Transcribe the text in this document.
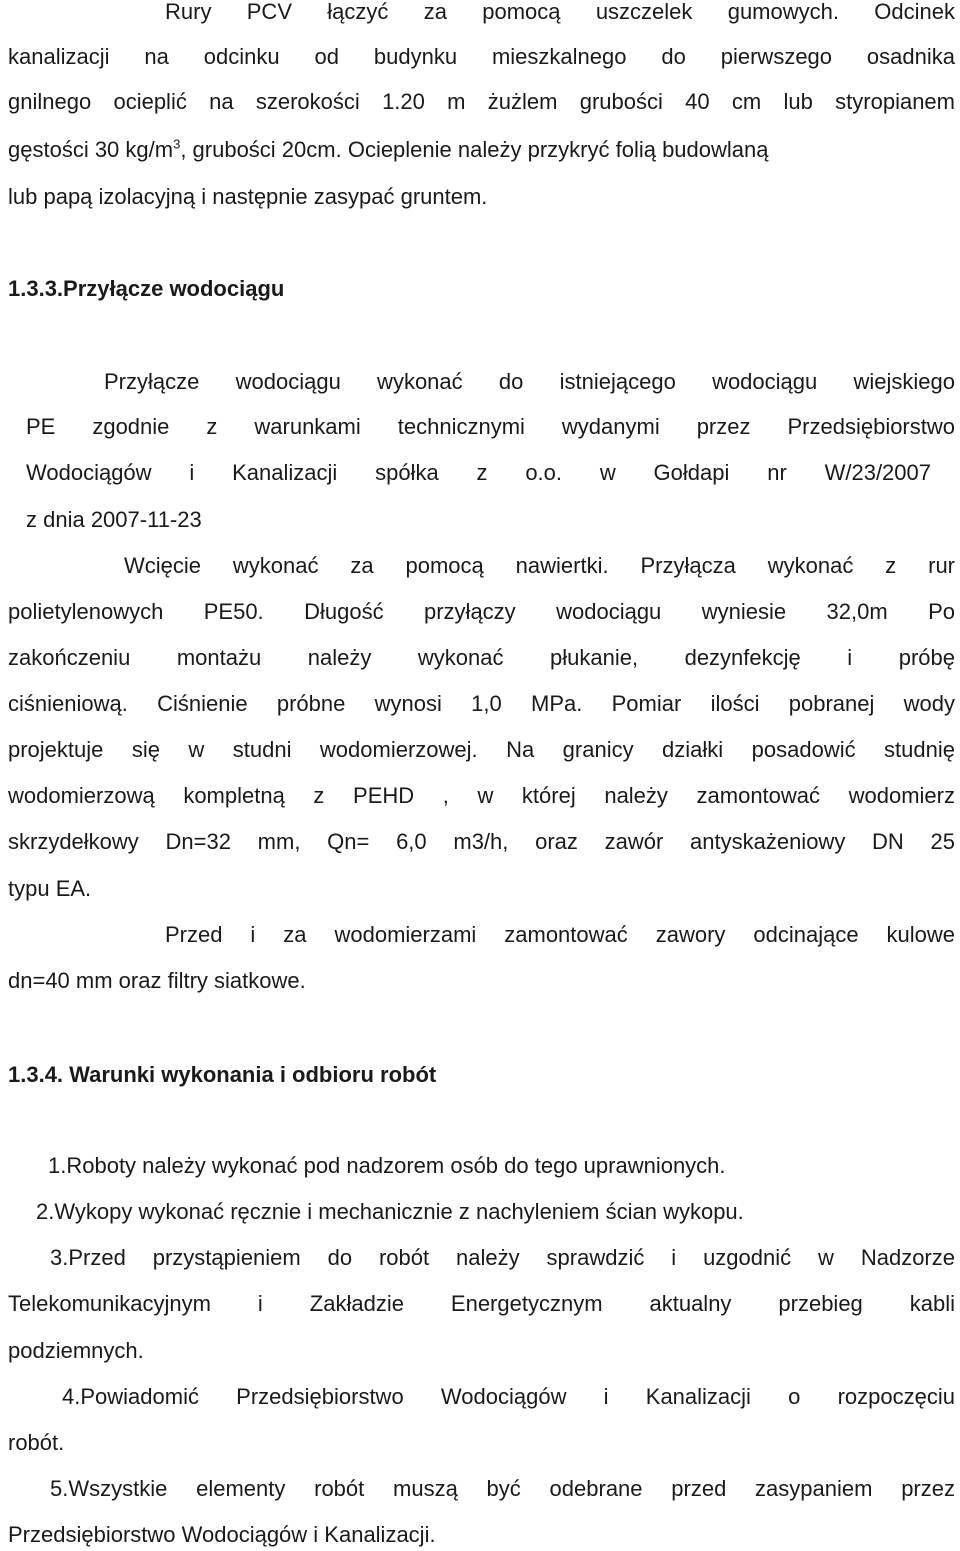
Rury PCV łączyć za pomocą uszczelek gumowych. Odcinek
kanalizacji na odcinku od budynku mieszkalnego do pierwszego osadnika
gnilnego ocieplić na szerokości 1.20 m żużlem grubości 40 cm lub styropianem
gęstości 30 $kg/m^3$, grubości 20cm. Ocieplenie należy przykryć folią budowlaną
lub papą izolacyjną i następnie zasypać gruntem.
1.3.3.Przyłącze wodociągu
Przyłącze wodociągu wykonać do istniejącego wodociągu wiejskiego
PE zgodnie z warunkami technicznymi wydanymi przez Przedsiębiorstwo
Wodociągów i Kanalizacji spółka z o.o. w Gołdapi nr W/23/2007
z dnia 2007-11-23
Wcięcie wykonać za pomocą nawiertki. Przyłącza wykonać z rur
polietylenowych PE50. Długość przyłączy wodociągu wyniesie 32,0m Po
zakończeniu montażu należy wykonać płukanie, dezynfekcję i próbę
ciśnieniową. Ciśnienie próbne wynosi 1,0 MPa. Pomiar ilości pobranej wody
projektuje się w studni wodomierzowej. Na granicy działki posadowić studnię
wodomierzową kompletną z PEHD , w której należy zamontować wodomierz
skrzydełkowy Dn=32 mm, Qn= 6,0 m3/h, oraz zawór antyskażeniowy DN 25
typu EA.
Przed i za wodomierzami zamontować zawory odcinające kulowe
dn=40 mm oraz filtry siatkowe.
1.3.4. Warunki wykonania i odbioru robót
1.Roboty należy wykonać pod nadzorem osób do tego uprawnionych.
2.Wykopy wykonać ręcznie i mechanicznie z nachyleniem ścian wykopu.
3.Przed przystąpieniem do robót należy sprawdzić i uzgodnić w Nadzorze
Telekomunikacyjnym i Zakładzie Energetycznym aktualny przebieg kabli
podziemnych.
4.Powiadomić Przedsiębiorstwo Wodociągów i Kanalizacji o rozpoczęciu
robót.
5.Wszystkie elementy robót muszą być odebrane przed zasypaniem przez
Przedsiębiorstwo Wodociągów i Kanalizacji.
